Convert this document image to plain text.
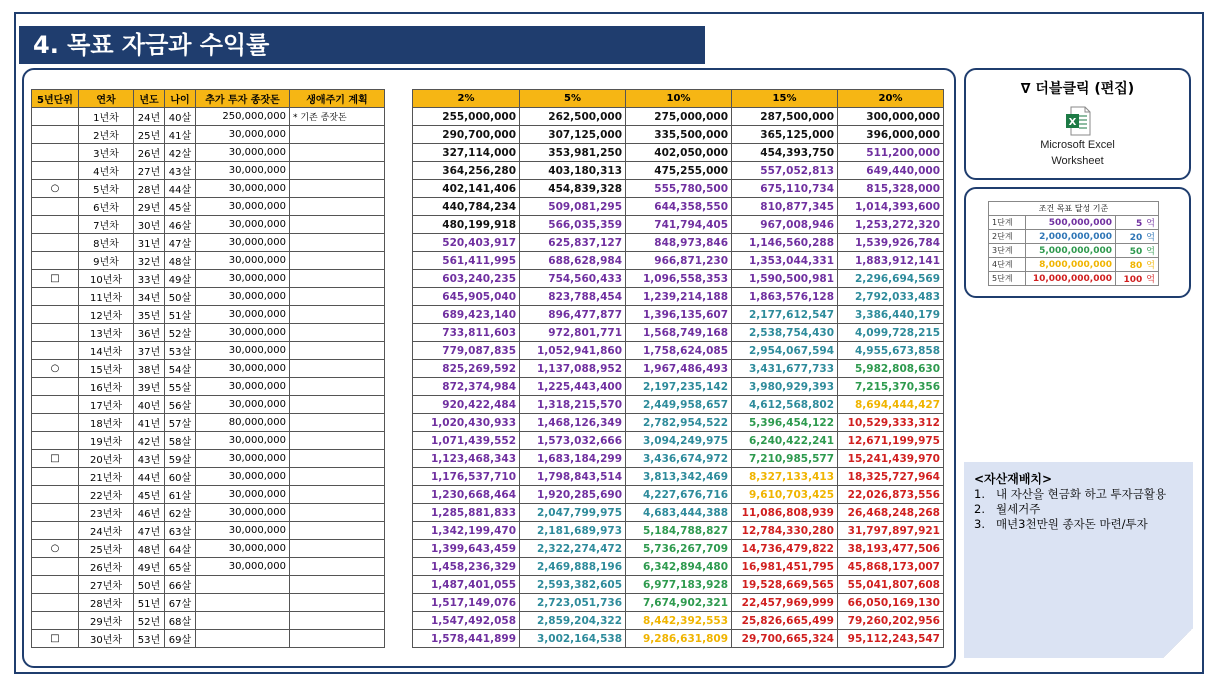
4. 목표 자금과 수익률
5년단위	연차	년도	나이	추가 투자 종잣돈	생애주기 계획
	1년차	24년	40살	250,000,000	* 기존 종잣돈
	2년차	25년	41살	30,000,000	
	3년차	26년	42살	30,000,000	
	4년차	27년	43살	30,000,000	
○	5년차	28년	44살	30,000,000	
	6년차	29년	45살	30,000,000	
	7년차	30년	46살	30,000,000	
	8년차	31년	47살	30,000,000	
	9년차	32년	48살	30,000,000	
□	10년차	33년	49살	30,000,000	
	11년차	34년	50살	30,000,000	
	12년차	35년	51살	30,000,000	
	13년차	36년	52살	30,000,000	
	14년차	37년	53살	30,000,000	
○	15년차	38년	54살	30,000,000	
	16년차	39년	55살	30,000,000	
	17년차	40년	56살	30,000,000	
	18년차	41년	57살	80,000,000	
	19년차	42년	58살	30,000,000	
□	20년차	43년	59살	30,000,000	
	21년차	44년	60살	30,000,000	
	22년차	45년	61살	30,000,000	
	23년차	46년	62살	30,000,000	
	24년차	47년	63살	30,000,000	
○	25년차	48년	64살	30,000,000	
	26년차	49년	65살	30,000,000	
	27년차	50년	66살		
	28년차	51년	67살		
	29년차	52년	68살		
□	30년차	53년	69살		
2%	5%	10%	15%	20%
255,000,000	262,500,000	275,000,000	287,500,000	300,000,000
290,700,000	307,125,000	335,500,000	365,125,000	396,000,000
327,114,000	353,981,250	402,050,000	454,393,750	511,200,000
364,256,280	403,180,313	475,255,000	557,052,813	649,440,000
402,141,406	454,839,328	555,780,500	675,110,734	815,328,000
440,784,234	509,081,295	644,358,550	810,877,345	1,014,393,600
480,199,918	566,035,359	741,794,405	967,008,946	1,253,272,320
520,403,917	625,837,127	848,973,846	1,146,560,288	1,539,926,784
561,411,995	688,628,984	966,871,230	1,353,044,331	1,883,912,141
603,240,235	754,560,433	1,096,558,353	1,590,500,981	2,296,694,569
645,905,040	823,788,454	1,239,214,188	1,863,576,128	2,792,033,483
689,423,140	896,477,877	1,396,135,607	2,177,612,547	3,386,440,179
733,811,603	972,801,771	1,568,749,168	2,538,754,430	4,099,728,215
779,087,835	1,052,941,860	1,758,624,085	2,954,067,594	4,955,673,858
825,269,592	1,137,088,952	1,967,486,493	3,431,677,733	5,982,808,630
872,374,984	1,225,443,400	2,197,235,142	3,980,929,393	7,215,370,356
920,422,484	1,318,215,570	2,449,958,657	4,612,568,802	8,694,444,427
1,020,430,933	1,468,126,349	2,782,954,522	5,396,454,122	10,529,333,312
1,071,439,552	1,573,032,666	3,094,249,975	6,240,422,241	12,671,199,975
1,123,468,343	1,683,184,299	3,436,674,972	7,210,985,577	15,241,439,970
1,176,537,710	1,798,843,514	3,813,342,469	8,327,133,413	18,325,727,964
1,230,668,464	1,920,285,690	4,227,676,716	9,610,703,425	22,026,873,556
1,285,881,833	2,047,799,975	4,683,444,388	11,086,808,939	26,468,248,268
1,342,199,470	2,181,689,973	5,184,788,827	12,784,330,280	31,797,897,921
1,399,643,459	2,322,274,472	5,736,267,709	14,736,479,822	38,193,477,506
1,458,236,329	2,469,888,196	6,342,894,480	16,981,451,795	45,868,173,007
1,487,401,055	2,593,382,605	6,977,183,928	19,528,669,565	55,041,807,608
1,517,149,076	2,723,051,736	7,674,902,321	22,457,969,999	66,050,169,130
1,547,492,058	2,859,204,322	8,442,392,553	25,826,665,499	79,260,202,956
1,578,441,899	3,002,164,538	9,286,631,809	29,700,665,324	95,112,243,547
∇ 더블클릭 (편집)
X
Microsoft Excel
Worksheet
조건 목표 달성 기준		
1단계	500,000,000	5 억
2단계	2,000,000,000	20 억
3단계	5,000,000,000	50 억
4단계	8,000,000,000	80 억
5단계	10,000,000,000	100 억
<자산재배치>
1.   내 자산을 현금화 하고 투자금활용
2.   월세거주
3.   매년3천만원 종자돈 마련/투자
